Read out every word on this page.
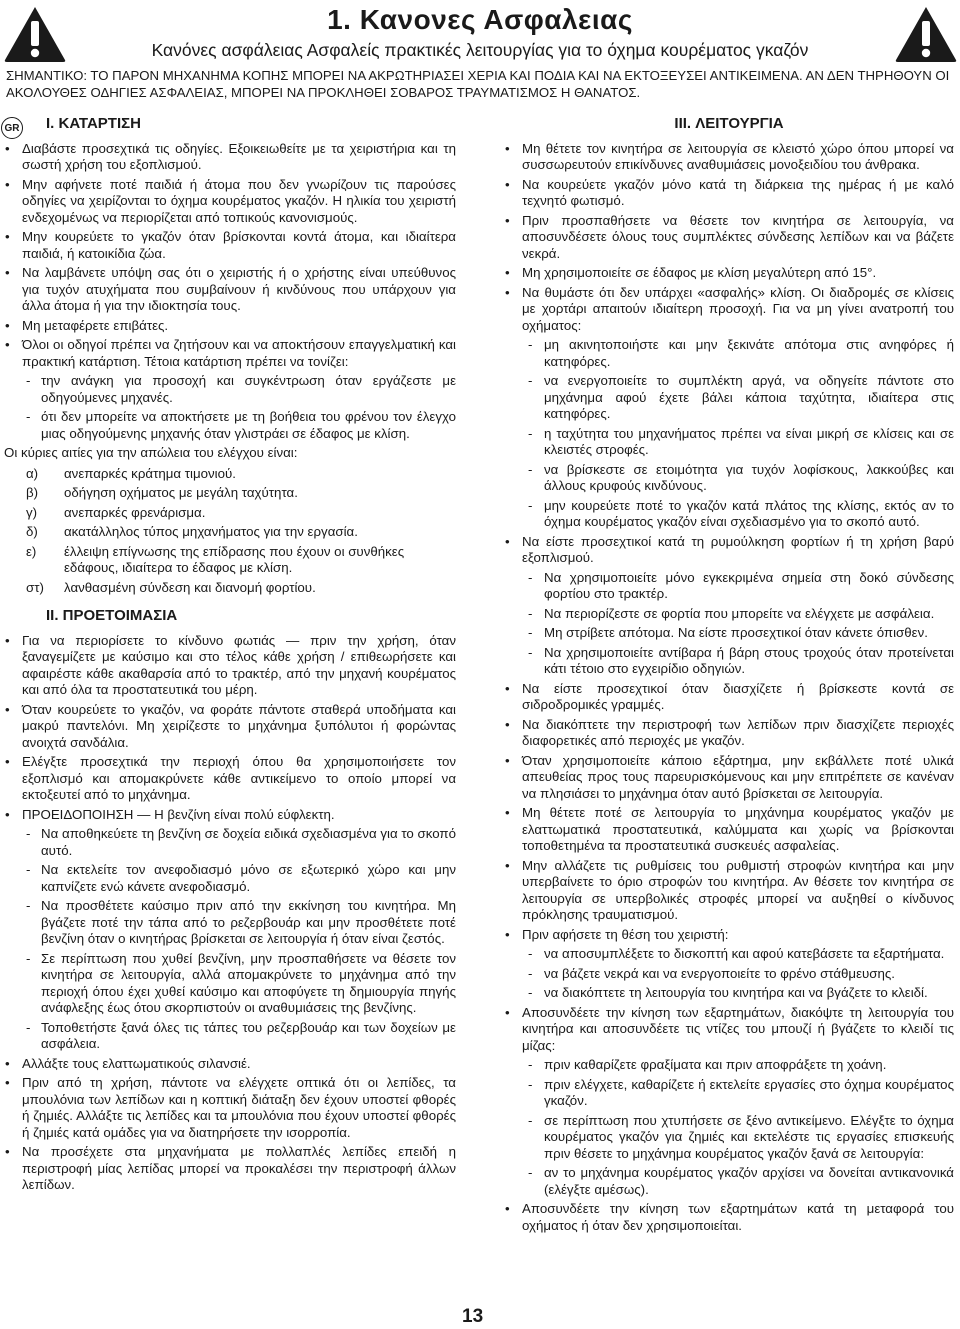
1. Κανονες Ασφαλειας
Κανόνες ασφάλειας Ασφαλείς πρακτικές λειτουργίας για το όχημα κουρέματος γκαζόν
ΣΗΜΑΝΤΙΚΟ: ΤΟ ΠΑΡΟΝ ΜΗΧΑΝΗΜΑ ΚΟΠΗΣ ΜΠΟΡΕΙ ΝΑ ΑΚΡΩΤΗΡΙΑΣΕΙ ΧΕΡΙΑ ΚΑΙ ΠΟΔΙΑ ΚΑΙ ΝΑ ΕΚΤΟΞΕΥΣΕΙ ΑΝΤΙΚΕΙΜΕΝΑ. ΑΝ ΔΕΝ ΤΗΡΗΘΟΥΝ ΟΙ ΑΚΟΛΟΥΘΕΣ ΟΔΗΓΙΕΣ ΑΣΦΑΛΕΙΑΣ, ΜΠΟΡΕΙ ΝΑ ΠΡΟΚΛΗΘΕΙ ΣΟΒΑΡΟΣ ΤΡΑΥΜΑΤΙΣΜΟΣ Η ΘΑΝΑΤΟΣ.
GR	I. ΚΑΤΑΡΤΙΣΗ
• Διαβάστε προσεχτικά τις οδηγίες. Εξοικειωθείτε με τα χειριστήρια και τη σωστή χρήση του εξοπλισμού.
• Μην αφήνετε ποτέ παιδιά ή άτομα που δεν γνωρίζουν τις παρούσες οδηγίες να χειρίζονται το όχημα κουρέματος γκαζόν. Η ηλικία του χειριστή ενδεχομένως να περιορίζεται από τοπικούς κανονισμούς.
• Μην κουρεύετε το γκαζόν όταν βρίσκονται κοντά άτομα, και ιδιαίτερα παιδιά, ή κατοικίδια ζώα.
• Να λαμβάνετε υπόψη σας ότι ο χειριστής ή ο χρήστης είναι υπεύθυνος για τυχόν ατυχήματα που συμβαίνουν ή κινδύνους που υπάρχουν για άλλα άτομα ή για την ιδιοκτησία τους.
• Μη μεταφέρετε επιβάτες.
• Όλοι οι οδηγοί πρέπει να ζητήσουν και να αποκτήσουν επαγγελματική και πρακτική κατάρτιση. Τέτοια κατάρτιση πρέπει να τονίζει:
- την ανάγκη για προσοχή και συγκέντρωση όταν εργάζεστε με οδηγούμενες μηχανές.
- ότι δεν μπορείτε να αποκτήσετε με τη βοήθεια του φρένου τον έλεγχο μιας οδηγούμενης μηχανής όταν γλιστράει σε έδαφος με κλίση.
Οι κύριες αιτίες για την απώλεια του ελέγχου είναι:
α) ανεπαρκές κράτημα τιμονιού.
β) οδήγηση οχήματος με μεγάλη ταχύτητα.
γ) ανεπαρκές φρενάρισμα.
δ) ακατάλληλος τύπος μηχανήματος για την εργασία.
ε) έλλειψη επίγνωσης της επίδρασης που έχουν οι συνθήκες εδάφους, ιδιαίτερα το έδαφος με κλίση.
στ) λανθασμένη σύνδεση και διανομή φορτίου.
II. ΠΡΟΕΤΟΙΜΑΣΙΑ
• Για να περιορίσετε το κίνδυνο φωτιάς — πριν την χρήση, όταν ξαναγεμίζετε με καύσιμο και στο τέλος κάθε χρήση / επιθεωρήσετε και αφαιρέστε κάθε ακαθαρσία από το τρακτέρ, από την μηχανή κουρέματος και από όλα τα προστατευτικά του μέρη.
• Όταν κουρεύετε το γκαζόν, να φοράτε πάντοτε σταθερά υποδήματα και μακρύ παντελόνι. Μη χειρίζεστε το μηχάνημα ξυπόλυτοι ή φορώντας ανοιχτά σανδάλια.
• Ελέγξτε προσεχτικά την περιοχή όπου θα χρησιμοποιήσετε τον εξοπλισμό και απομακρύνετε κάθε αντικείμενο το οποίο μπορεί να εκτοξευτεί από το μηχάνημα.
• ΠΡΟΕΙΔΟΠΟΙΗΣΗ — Η βενζίνη είναι πολύ εύφλεκτη.
- Να αποθηκεύετε τη βενζίνη σε δοχεία ειδικά σχεδιασμένα για το σκοπό αυτό.
- Να εκτελείτε τον ανεφοδιασμό μόνο σε εξωτερικό χώρο και μην καπνίζετε ενώ κάνετε ανεφοδιασμό.
- Να προσθέτετε καύσιμο πριν από την εκκίνηση του κινητήρα. Μη βγάζετε ποτέ την τάπα από το ρεζερβουάρ και μην προσθέτετε ποτέ βενζίνη όταν ο κινητήρας βρίσκεται σε λειτουργία ή όταν είναι ζεστός.
- Σε περίπτωση που χυθεί βενζίνη, μην προσπαθήσετε να θέσετε τον κινητήρα σε λειτουργία, αλλά απομακρύνετε το μηχάνημα από την περιοχή όπου έχει χυθεί καύσιμο και αποφύγετε τη δημιουργία πηγής ανάφλεξης έως ότου σκορπιστούν οι αναθυμιάσεις της βενζίνης.
- Τοποθετήστε ξανά όλες τις τάπες του ρεζερβουάρ και των δοχείων με ασφάλεια.
• Αλλάξτε τους ελαττωματικούς σιλανσιέ.
• Πριν από τη χρήση, πάντοτε να ελέγχετε οπτικά ότι οι λεπίδες, τα μπουλόνια των λεπίδων και η κοπτική διάταξη δεν έχουν υποστεί φθορές ή ζημιές. Αλλάξτε τις λεπίδες και τα μπουλόνια που έχουν υποστεί φθορές ή ζημιές κατά ομάδες για να διατηρήσετε την ισορροπία.
• Να προσέχετε στα μηχανήματα με πολλαπλές λεπίδες επειδή η περιστροφή μίας λεπίδας μπορεί να προκαλέσει την περιστροφή άλλων λεπίδων.
III. ΛΕΙΤΟΥΡΓΙΑ
• Μη θέτετε τον κινητήρα σε λειτουργία σε κλειστό χώρο όπου μπορεί να συσσωρευτούν επικίνδυνες αναθυμιάσεις μονοξειδίου του άνθρακα.
• Να κουρεύετε γκαζόν μόνο κατά τη διάρκεια της ημέρας ή με καλό τεχνητό φωτισμό.
• Πριν προσπαθήσετε να θέσετε τον κινητήρα σε λειτουργία, να αποσυνδέσετε όλους τους συμπλέκτες σύνδεσης λεπίδων και να βάζετε νεκρά.
• Μη χρησιμοποιείτε σε έδαφος με κλίση μεγαλύτερη από 15°.
• Να θυμάστε ότι δεν υπάρχει «ασφαλής» κλίση. Οι διαδρομές σε κλίσεις με χορτάρι απαιτούν ιδιαίτερη προσοχή. Για να μη γίνει ανατροπή του οχήματος:
- μη ακινητοποιήστε και μην ξεκινάτε απότομα στις ανηφόρες ή κατηφόρες.
- να ενεργοποιείτε το συμπλέκτη αργά, να οδηγείτε πάντοτε στο μηχάνημα αφού έχετε βάλει κάποια ταχύτητα, ιδιαίτερα στις κατηφόρες.
- η ταχύτητα του μηχανήματος πρέπει να είναι μικρή σε κλίσεις και σε κλειστές στροφές.
- να βρίσκεστε σε ετοιμότητα για τυχόν λοφίσκους, λακκούβες και άλλους κρυφούς κινδύνους.
- μην κουρεύετε ποτέ το γκαζόν κατά πλάτος της κλίσης, εκτός αν το όχημα κουρέματος γκαζόν είναι σχεδιασμένο για το σκοπό αυτό.
• Να είστε προσεχτικοί κατά τη ρυμούλκηση φορτίων ή τη χρήση βαρύ εξοπλισμού.
- Να χρησιμοποιείτε μόνο εγκεκριμένα σημεία στη δοκό σύνδεσης φορτίου στο τρακτέρ.
- Να περιορίζεστε σε φορτία που μπορείτε να ελέγχετε με ασφάλεια.
- Μη στρίβετε απότομα. Να είστε προσεχτικοί όταν κάνετε όπισθεν.
- Να χρησιμοποιείτε αντίβαρα ή βάρη στους τροχούς όταν προτείνεται κάτι τέτοιο στο εγχειρίδιο οδηγιών.
• Να είστε προσεχτικοί όταν διασχίζετε ή βρίσκεστε κοντά σε σιδροδρομικές γραμμές.
• Να διακόπτετε την περιστροφή των λεπίδων πριν διασχίζετε περιοχές διαφορετικές από περιοχές με γκαζόν.
• Όταν χρησιμοποιείτε κάποιο εξάρτημα, μην εκβάλλετε ποτέ υλικά απευθείας προς τους παρευρισκόμενους και μην επιτρέπετε σε κανέναν να πλησιάσει το μηχάνημα όταν αυτό βρίσκεται σε λειτουργία.
• Μη θέτετε ποτέ σε λειτουργία το μηχάνημα κουρέματος γκαζόν με ελαττωματικά προστατευτικά, καλύμματα και χωρίς να βρίσκονται τοποθετημένα τα προστατευτικά συσκευές ασφαλείας.
• Μην αλλάζετε τις ρυθμίσεις του ρυθμιστή στροφών κινητήρα και μην υπερβαίνετε το όριο στροφών του κινητήρα. Αν θέσετε τον κινητήρα σε λειτουργία σε υπερβολικές στροφές μπορεί να αυξηθεί ο κίνδυνος πρόκλησης τραυματισμού.
• Πριν αφήσετε τη θέση του χειριστή:
- να αποσυμπλέξετε το δισκοπτή και αφού κατεβάσετε τα εξαρτήματα.
- να βάζετε νεκρά και να ενεργοποιείτε το φρένο στάθμευσης.
- να διακόπτετε τη λειτουργία του κινητήρα και να βγάζετε το κλειδί.
• Αποσυνδέετε την κίνηση των εξαρτημάτων, διακόψτε τη λειτουργία του κινητήρα και αποσυνδέετε τις ντίζες του μπουζί ή βγάζετε το κλειδί τις μίζας:
- πριν καθαρίζετε φραξίματα και πριν αποφράξετε τη χοάνη.
- πριν ελέγχετε, καθαρίζετε ή εκτελείτε εργασίες στο όχημα κουρέματος γκαζόν.
- σε περίπτωση που χτυπήσετε σε ξένο αντικείμενο. Ελέγξτε το όχημα κουρέματος γκαζόν για ζημιές και εκτελέστε τις εργασίες επισκευής πριν θέσετε το μηχάνημα κουρέματος γκαζόν ξανά σε λειτουργία:
- αν το μηχάνημα κουρέματος γκαζόν αρχίσει να δονείται αντικανονικά (ελέγξτε αμέσως).
• Αποσυνδέετε την κίνηση των εξαρτημάτων κατά τη μεταφορά του οχήματος ή όταν δεν χρησιμοποιείται.
13
